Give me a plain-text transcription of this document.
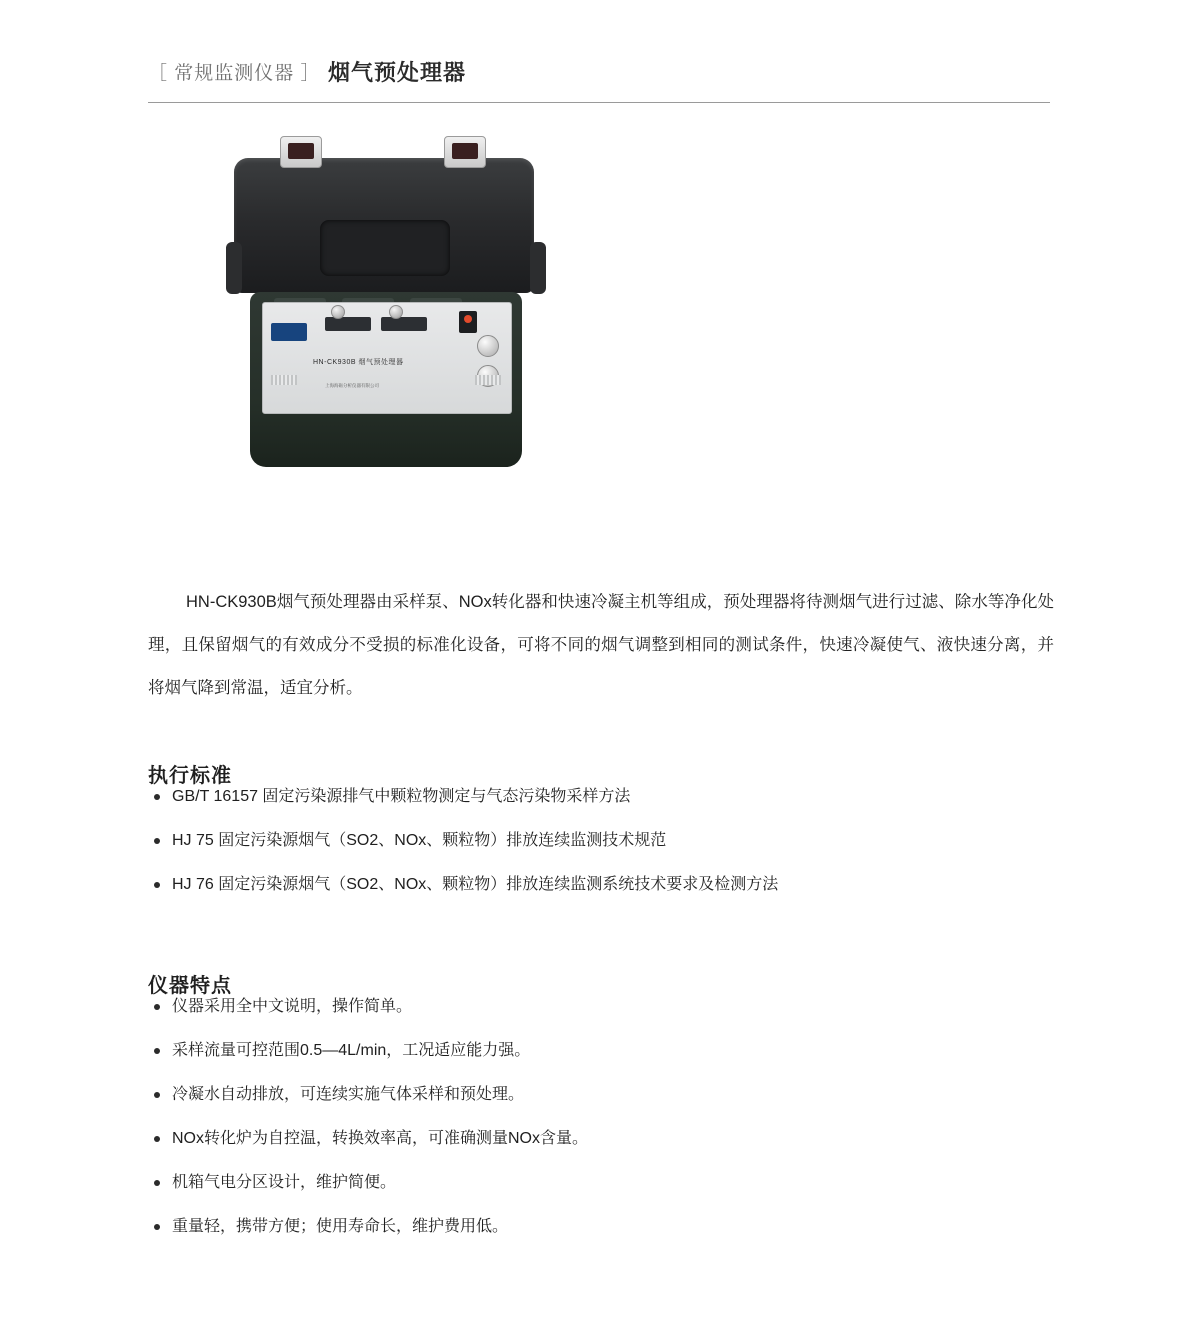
［ 常规监测仪器 ］ 烟气预处理器
HN-CK930B 烟气预处理器
上海海砺分析仪器有限公司

HN-CK930B烟气预处理器由采样泵、NOx转化器和快速冷凝主机等组成，预处理器将待测烟气进行过滤、除水等净化处理，且保留烟气的有效成分不受损的标准化设备，可将不同的烟气调整到相同的测试条件，快速冷凝使气、液快速分离，并将烟气降到常温，适宜分析。

执行标准
GB/T 16157 固定污染源排气中颗粒物测定与气态污染物采样方法
HJ 75 固定污染源烟气（SO2、NOx、颗粒物）排放连续监测技术规范
HJ 76 固定污染源烟气（SO2、NOx、颗粒物）排放连续监测系统技术要求及检测方法
仪器特点
仪器采用全中文说明，操作简单。
采样流量可控范围0.5—4L/min，工况适应能力强。
冷凝水自动排放，可连续实施气体采样和预处理。
NOx转化炉为自控温，转换效率高，可准确测量NOx含量。
机箱气电分区设计，维护简便。
重量轻，携带方便；使用寿命长，维护费用低。
